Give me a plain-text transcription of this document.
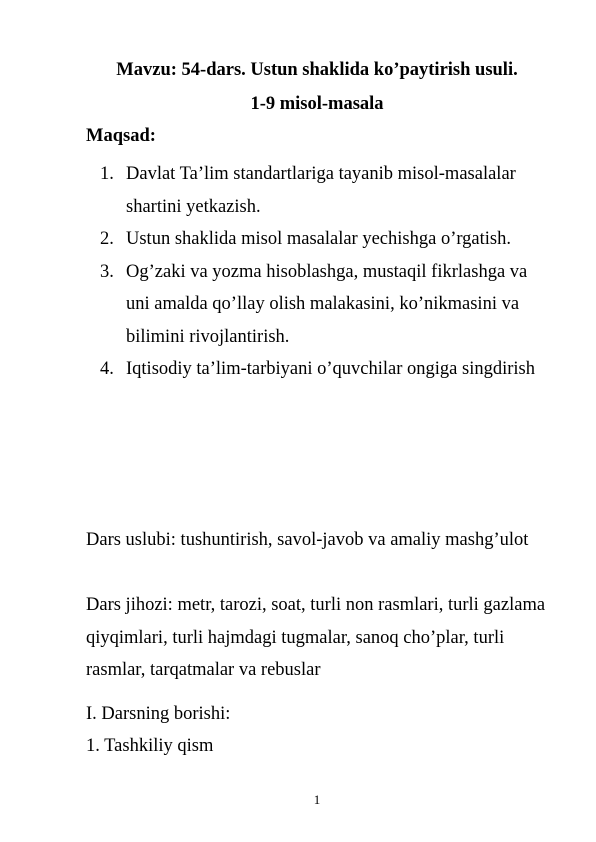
Mavzu: 54-dars. Ustun shaklida ko’paytirish usuli.
1-9 misol-masala
Maqsad:
1. Davlat Ta’lim standartlariga tayanib misol-masalalar shartini yetkazish.
2. Ustun shaklida misol masalalar yechishga o’rgatish.
3. Og’zaki va yozma hisoblashga, mustaqil fikrlashga va uni amalda qo’llay olish malakasini, ko’nikmasini va bilimini rivojlantirish.
4. Iqtisodiy ta’lim-tarbiyani o’quvchilar ongiga singdirish

Dars uslubi: tushuntirish, savol-javob va amaliy mashg’ulot

Dars jihozi: metr, tarozi, soat, turli non rasmlari, turli gazlama qiyqimlari, turli hajmdagi tugmalar, sanoq cho’plar, turli rasmlar, tarqatmalar va rebuslar

I. Darsning borishi:

1. Tashkiliy qism

1
